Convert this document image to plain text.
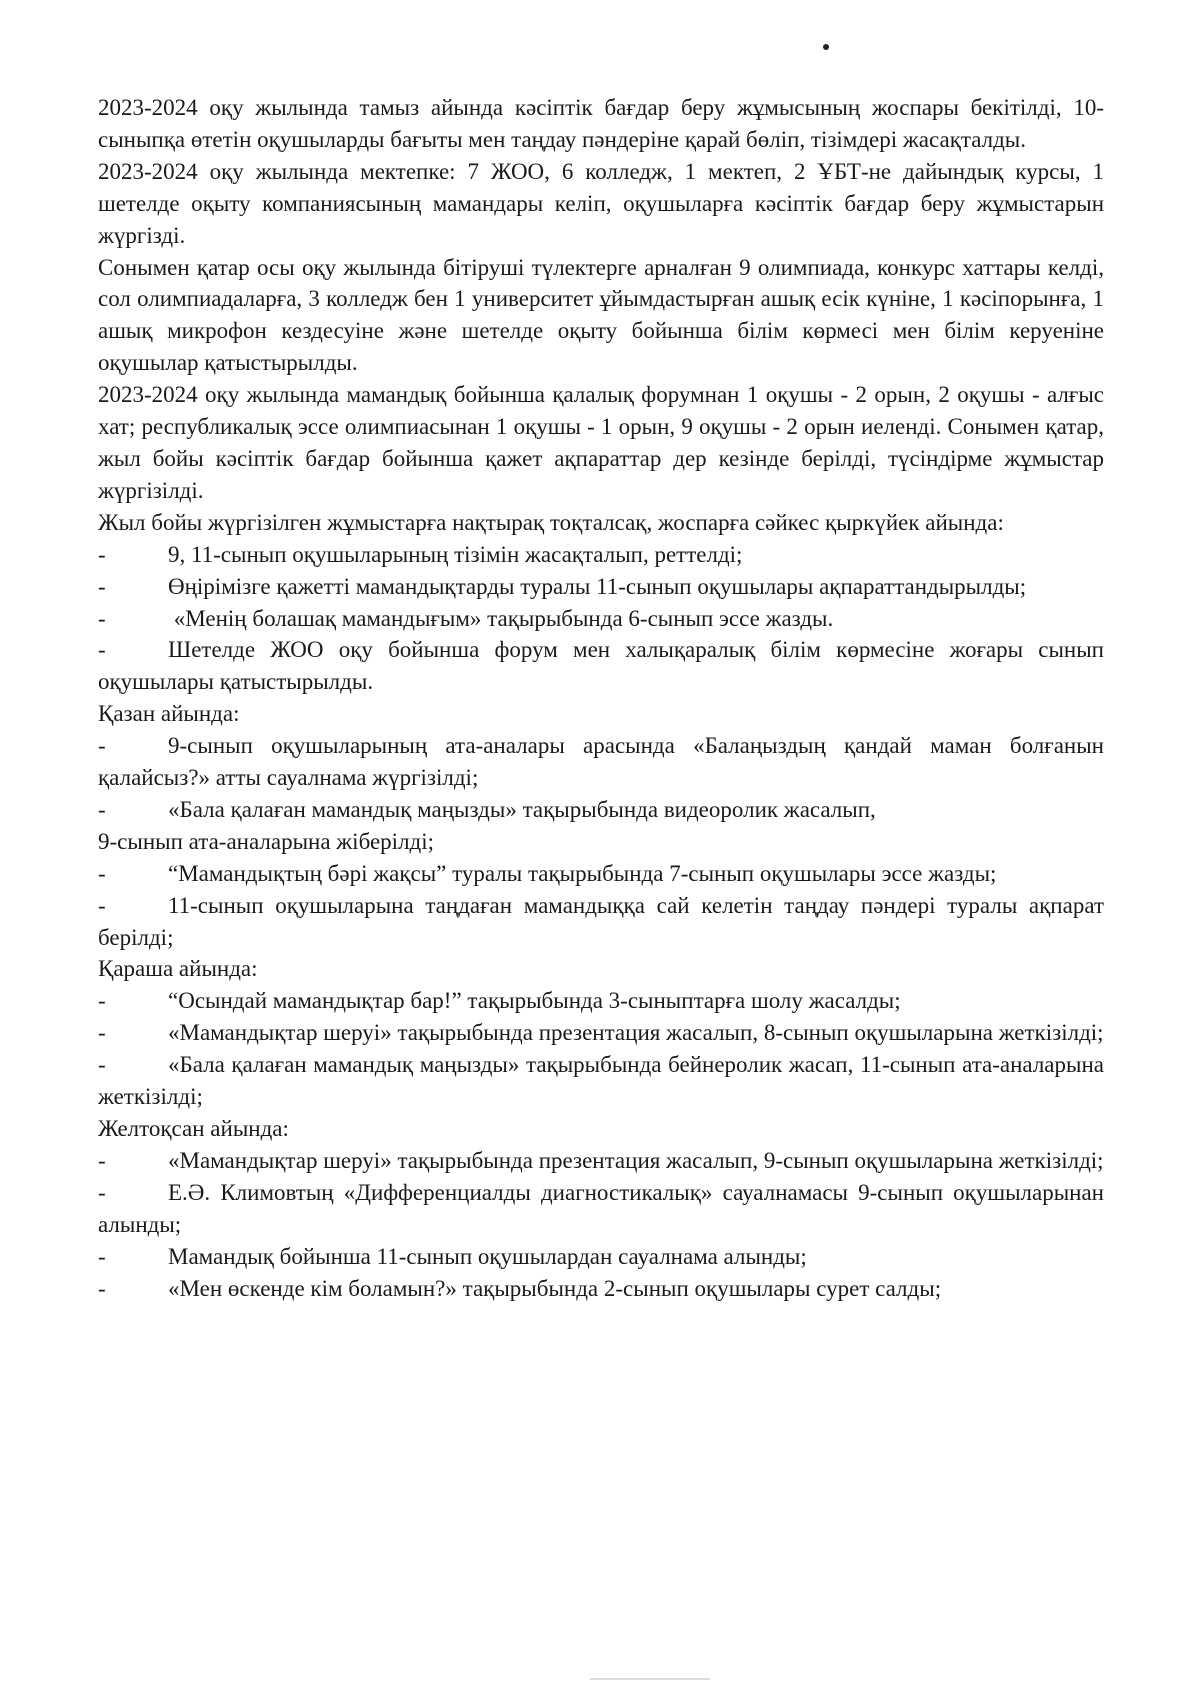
2023-2024 оқу жылында тамыз айында кәсіптік бағдар беру жұмысының жоспары бекітілді, 10-сыныпқа өтетін оқушыларды бағыты мен таңдау пәндеріне қарай бөліп, тізімдері жасақталды.

2023-2024 оқу жылында мектепке: 7 ЖОО, 6 колледж, 1 мектеп, 2 ҰБТ-не дайындық курсы, 1 шетелде оқыту компаниясының мамандары келіп, оқушыларға кәсіптік бағдар беру жұмыстарын жүргізді.

Сонымен қатар осы оқу жылында бітіруші түлектерге арналған 9 олимпиада, конкурс хаттары келді, сол олимпиадаларға, 3 колледж бен 1 университет ұйымдастырған ашық есік күніне, 1 кәсіпорынға, 1 ашық микрофон кездесуіне және шетелде оқыту бойынша білім көрмесі мен білім керуеніне оқушылар қатыстырылды.

2023-2024 оқу жылында мамандық бойынша қалалық форумнан 1 оқушы - 2 орын, 2 оқушы - алғыс хат; республикалық эссе олимпиасынан 1 оқушы - 1 орын, 9 оқушы - 2 орын иеленді. Сонымен қатар, жыл бойы кәсіптік бағдар бойынша қажет ақпараттар дер кезінде берілді, түсіндірме жұмыстар жүргізілді.

Жыл бойы жүргізілген жұмыстарға нақтырақ тоқталсақ, жоспарға сәйкес қыркүйек айында:

-	9, 11-сынып оқушыларының тізімін жасақталып, реттелді;

-	Өңірімізге қажетті мамандықтарды туралы 11-сынып оқушылары ақпараттандырылды;

-	«Менің болашақ мамандығым» тақырыбында 6-сынып эссе жазды.

-	Шетелде ЖОО оқу бойынша форум мен халықаралық білім көрмесіне жоғары сынып оқушылары қатыстырылды.

Қазан айында:

-	9-сынып оқушыларының ата-аналары арасында «Балаңыздың қандай маман болғанын қалайсыз?» атты сауалнама жүргізілді;

-	«Бала қалаған мамандық маңызды» тақырыбында видеоролик жасалып,

9-сынып ата-аналарына жіберілді;

-	“Мамандықтың бәрі жақсы” туралы тақырыбында 7-сынып оқушылары эссе жазды;

-	11-сынып оқушыларына таңдаған мамандыққа сай келетін таңдау пәндері туралы ақпарат берілді;

Қараша айында:

-	“Осындай мамандықтар бар!” тақырыбында 3-сыныптарға шолу жасалды;

-	«Мамандықтар шеруі» тақырыбында презентация жасалып, 8-сынып оқушыларына жеткізілді;

-	«Бала қалаған мамандық маңызды» тақырыбында бейнеролик жасап, 11-сынып ата-аналарына жеткізілді;

Желтоқсан айында:

-	«Мамандықтар шеруі» тақырыбында презентация жасалып, 9-сынып оқушыларына жеткізілді;

-	Е.Ә. Климовтың «Дифференциалды диагностикалық» сауалнамасы 9-сынып оқушыларынан алынды;

-	Мамандық бойынша 11-сынып оқушылардан сауалнама алынды;

-	«Мен өскенде кім боламын?» тақырыбында 2-сынып оқушылары сурет салды;
